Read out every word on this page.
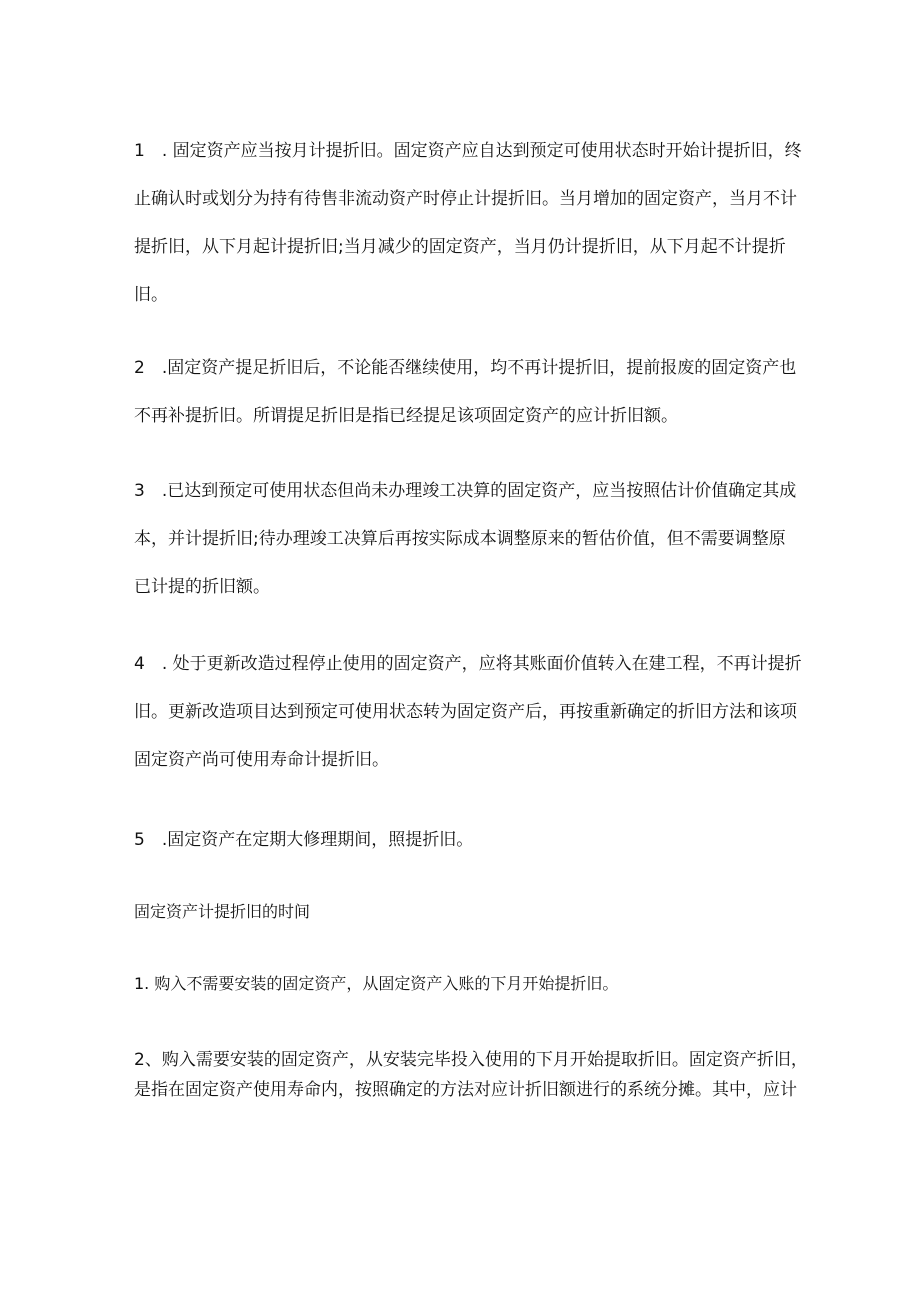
1　. 固定资产应当按月计提折旧。固定资产应自达到预定可使用状态时开始计提折旧，终
止确认时或划分为持有待售非流动资产时停止计提折旧。当月增加的固定资产，当月不计
提折旧，从下月起计提折旧;当月减少的固定资产，当月仍计提折旧，从下月起不计提折
旧。
2　.固定资产提足折旧后，不论能否继续使用，均不再计提折旧，提前报废的固定资产也
不再补提折旧。所谓提足折旧是指已经提足该项固定资产的应计折旧额。
3　.已达到预定可使用状态但尚未办理竣工决算的固定资产，应当按照估计价值确定其成
本，并计提折旧;待办理竣工决算后再按实际成本调整原来的暂估价值，但不需要调整原
已计提的折旧额。
4　. 处于更新改造过程停止使用的固定资产，应将其账面价值转入在建工程，不再计提折
旧。更新改造项目达到预定可使用状态转为固定资产后，再按重新确定的折旧方法和该项
固定资产尚可使用寿命计提折旧。
5　.固定资产在定期大修理期间，照提折旧。
固定资产计提折旧的时间
1. 购入不需要安装的固定资产，从固定资产入账的下月开始提折旧。
2、购入需要安装的固定资产，从安装完毕投入使用的下月开始提取折旧。固定资产折旧，
是指在固定资产使用寿命内，按照确定的方法对应计折旧额进行的系统分摊。其中，应计
